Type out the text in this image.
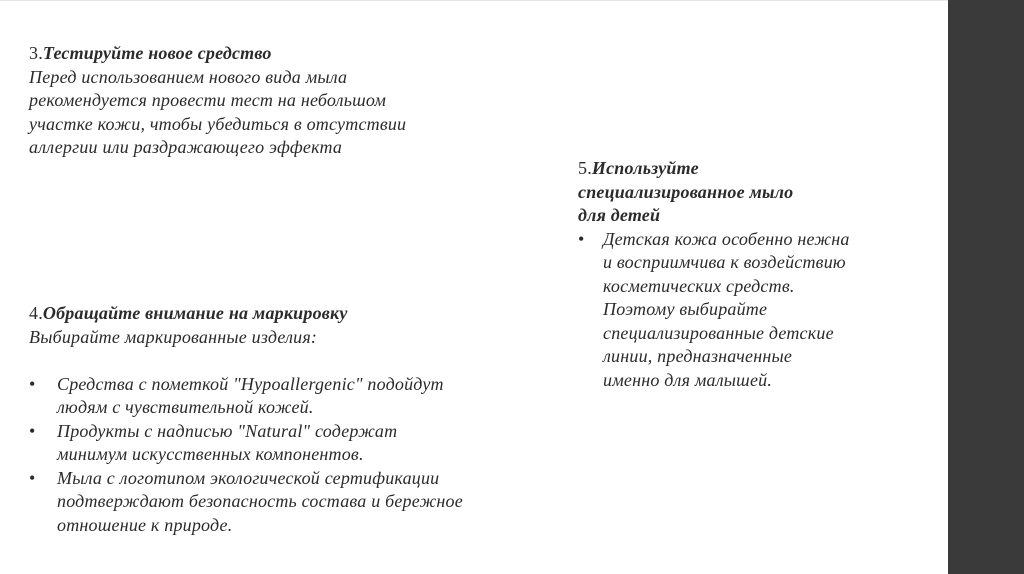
3.Тестируйте новое средство
Перед использованием нового вида мыла
рекомендуется провести тест на небольшом
участке кожи, чтобы убедиться в отсутствии
аллергии или раздражающего эффекта
4.Обращайте внимание на маркировку
Выбирайте маркированные изделия:
• Средства с пометкой "Hypoallergenic" подойдут
людям с чувствительной кожей.
• Продукты с надписью "Natural" содержат
минимум искусственных компонентов.
• Мыла с логотипом экологической сертификации
подтверждают безопасность состава и бережное
отношение к природе.
5.Используйте
специализированное мыло
для детей
• Детская кожа особенно нежна
и восприимчива к воздействию
косметических средств.
Поэтому выбирайте
специализированные детские
линии, предназначенные
именно для малышей.
